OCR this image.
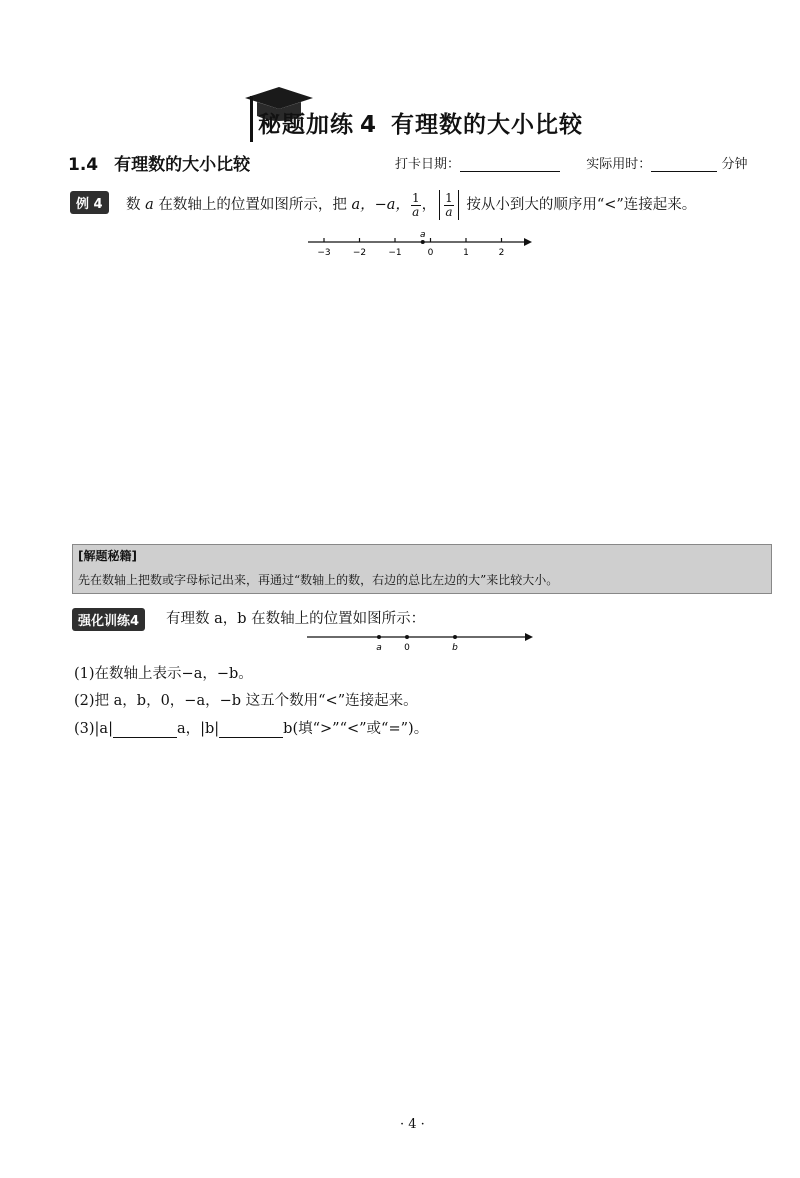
秘题加练 4 有理数的大小比较
1.4 有理数的大小比较	打卡日期：	实际用时：	分钟
例 4	数 a 在数轴上的位置如图所示，把 a，−a， $\frac{1}{a}$ ， $\frac{1}{a}$ 按从小到大的顺序用“<”连接起来。
−3 −2 −1	0	1	2
a
[解题秘籍]
先在数轴上把数或字母标记出来，再通过“数轴上的数，右边的总比左边的大”来比较大小。
强化训练4	有理数 a，b 在数轴上的位置如图所示：
a 0	b
(1)在数轴上表示−a，−b。
(2)把 a，b，0，−a，−b 这五个数用“<”连接起来。
(3)|a|	a，|b|	b(填“>”“<”或“=”)。
· 4 ·
